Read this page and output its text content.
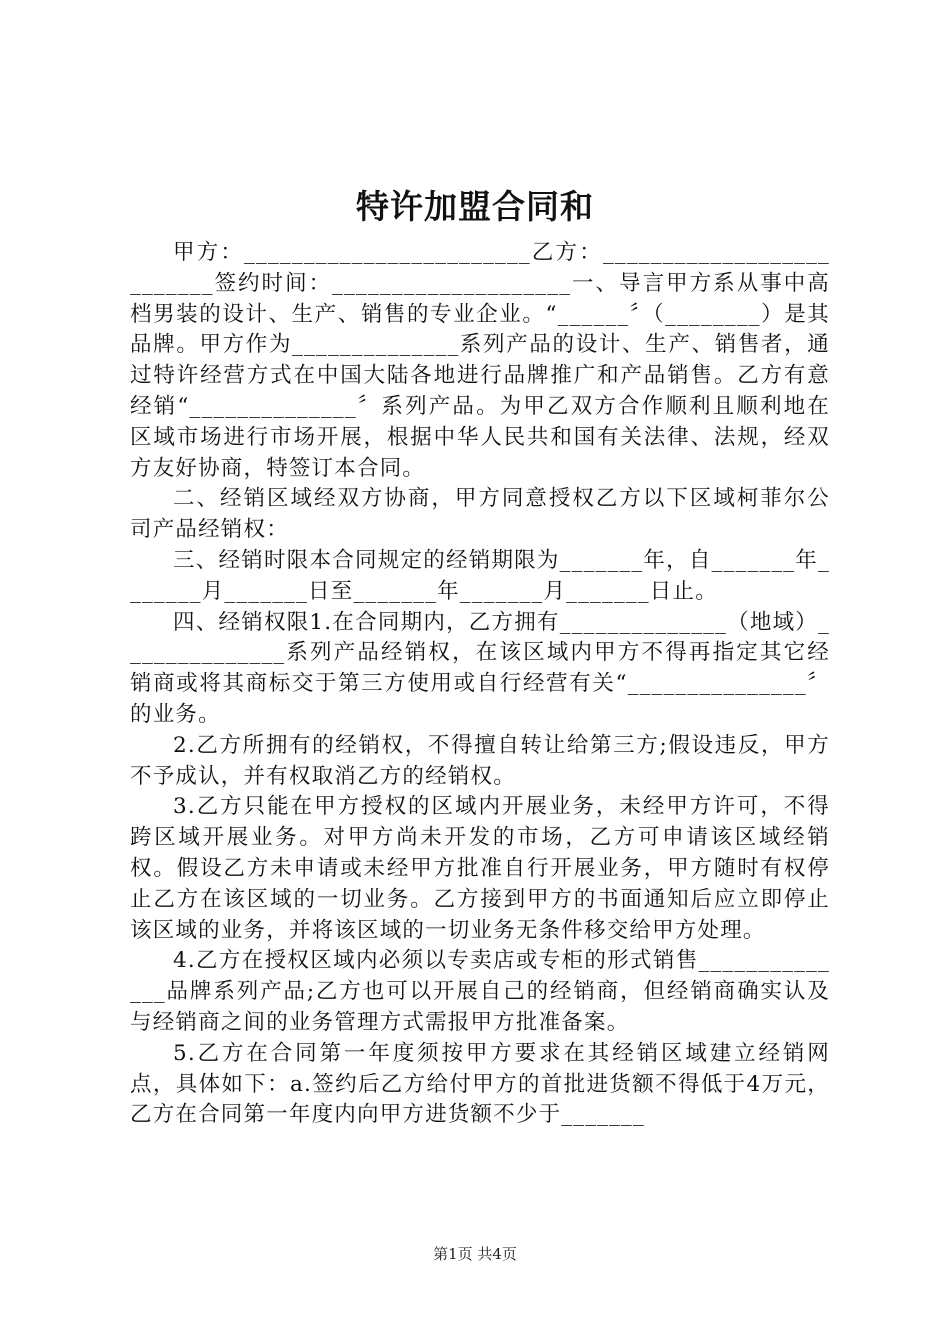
特许加盟合同和

甲方：________________________乙方：__________________________签约时间：____________________一、导言甲方系从事中高档男装的设计、生产、销售的专业企业。“______〞（________）是其品牌。甲方作为______________系列产品的设计、生产、销售者，通过特许经营方式在中国大陆各地进行品牌推广和产品销售。乙方有意经销“______________〞系列产品。为甲乙双方合作顺利且顺利地在区域市场进行市场开展，根据中华人民共和国有关法律、法规，经双方友好协商，特签订本合同。

二、经销区域经双方协商，甲方同意授权乙方以下区域柯菲尔公司产品经销权：

三、经销时限本合同规定的经销期限为_______年，自_______年_______月_______日至_______年_______月_______日止。

四、经销权限1.在合同期内，乙方拥有______________（地域）______________系列产品经销权，在该区域内甲方不得再指定其它经销商或将其商标交于第三方使用或自行经营有关“_______________〞的业务。

2.乙方所拥有的经销权，不得擅自转让给第三方;假设违反，甲方不予成认，并有权取消乙方的经销权。

3.乙方只能在甲方授权的区域内开展业务，未经甲方许可，不得跨区域开展业务。对甲方尚未开发的市场，乙方可申请该区域经销权。假设乙方未申请或未经甲方批准自行开展业务，甲方随时有权停止乙方在该区域的一切业务。乙方接到甲方的书面通知后应立即停止该区域的业务，并将该区域的一切业务无条件移交给甲方处理。

4.乙方在授权区域内必须以专卖店或专柜的形式销售______________品牌系列产品;乙方也可以开展自己的经销商，但经销商确实认及与经销商之间的业务管理方式需报甲方批准备案。

5.乙方在合同第一年度须按甲方要求在其经销区域建立经销网点，具体如下：a.签约后乙方给付甲方的首批进货额不得低于4万元，乙方在合同第一年度内向甲方进货额不少于_______

第1页 共4页
